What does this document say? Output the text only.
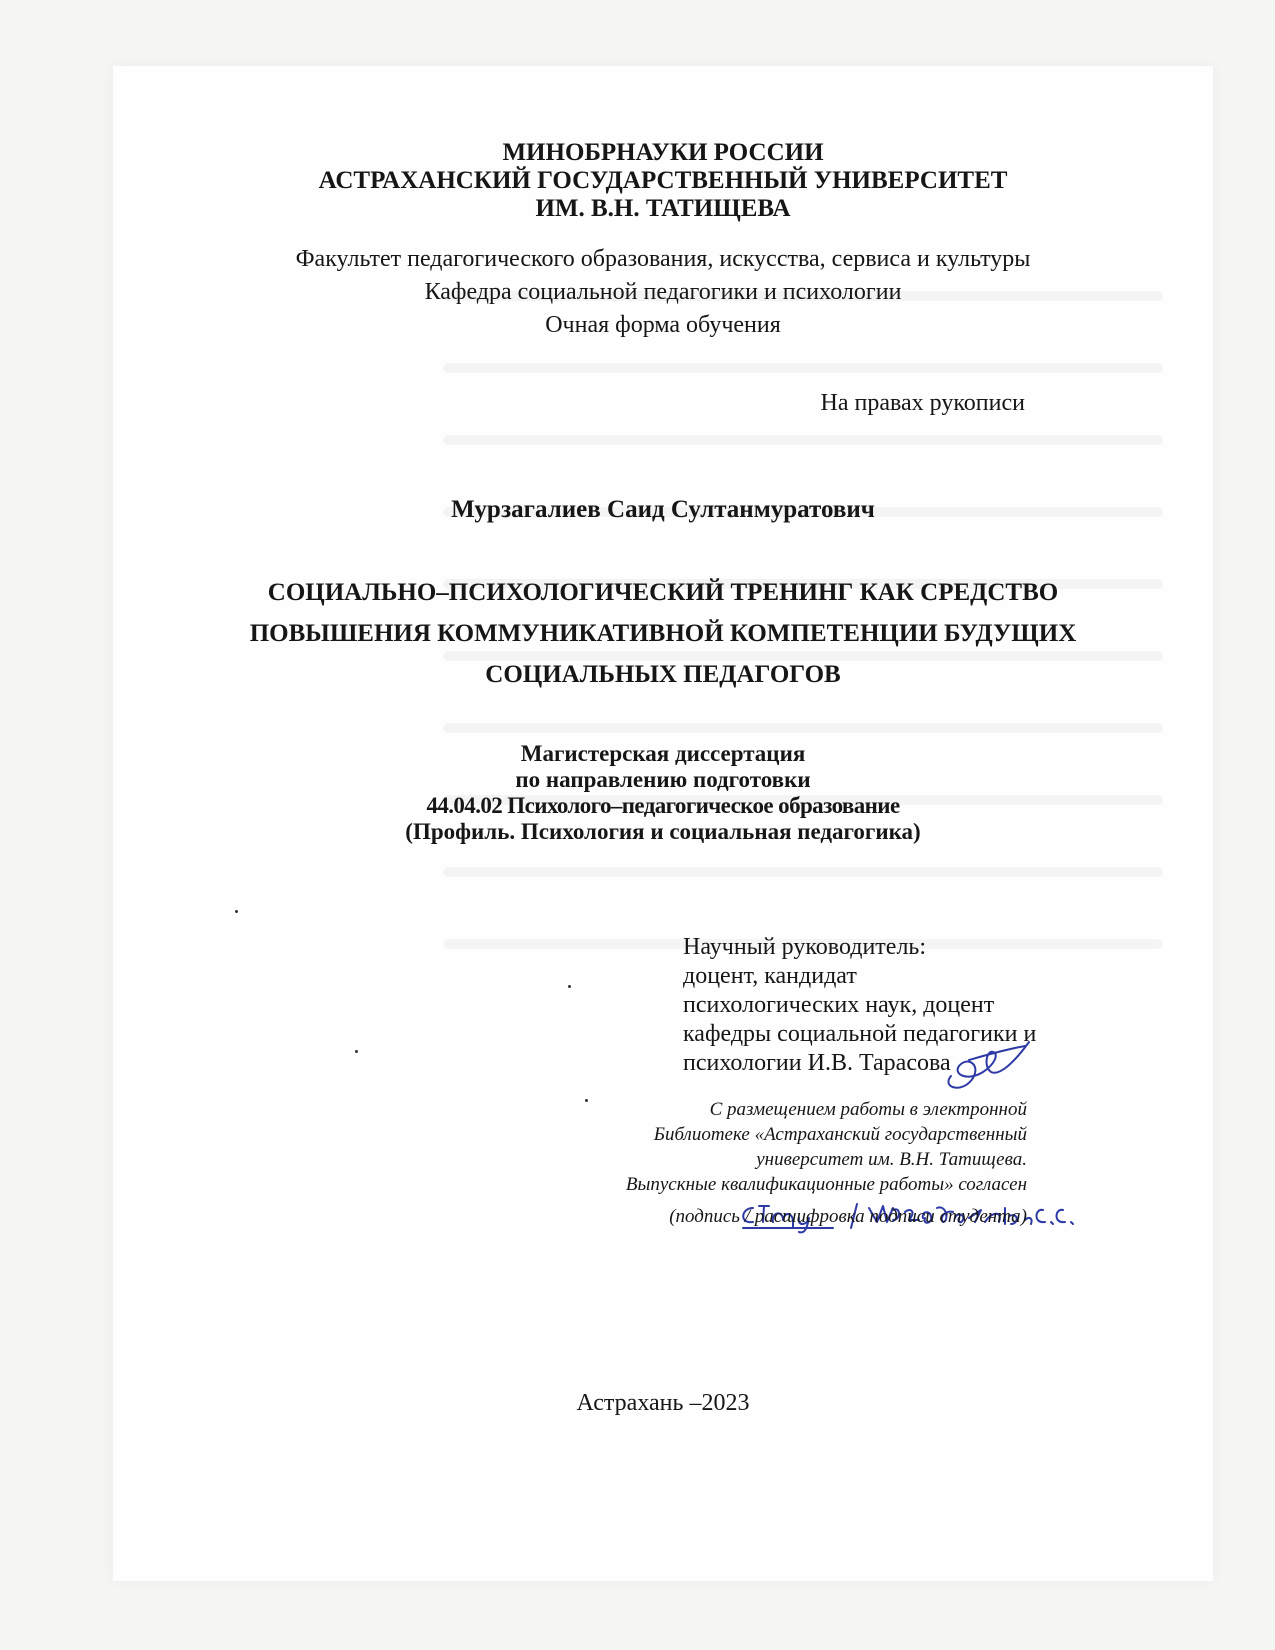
МИНОБРНАУКИ РОССИИ
АСТРАХАНСКИЙ ГОСУДАРСТВЕННЫЙ УНИВЕРСИТЕТ
ИМ. В.Н. ТАТИЩЕВА
Факультет педагогического образования, искусства, сервиса и культуры
Кафедра социальной педагогики и психологии
Очная форма обучения
На правах рукописи
Мурзагалиев Саид Султанмуратович
СОЦИАЛЬНО–ПСИХОЛОГИЧЕСКИЙ ТРЕНИНГ КАК СРЕДСТВО
ПОВЫШЕНИЯ КОММУНИКАТИВНОЙ КОМПЕТЕНЦИИ БУДУЩИХ
СОЦИАЛЬНЫХ ПЕДАГОГОВ
Магистерская диссертация
по направлению подготовки
44.04.02 Психолого–педагогическое образование
(Профиль. Психология и социальная педагогика)
Научный руководитель:
доцент, кандидат
психологических наук, доцент
кафедры социальной педагогики и
психологии И.В. Тарасова
С размещением работы в электронной
Библиотеке «Астраханский государственный
университет им. В.Н. Татищева.
Выпускные квалификационные работы» согласен
(подпись / расшифровка подписи студента)
Астрахань –2023
